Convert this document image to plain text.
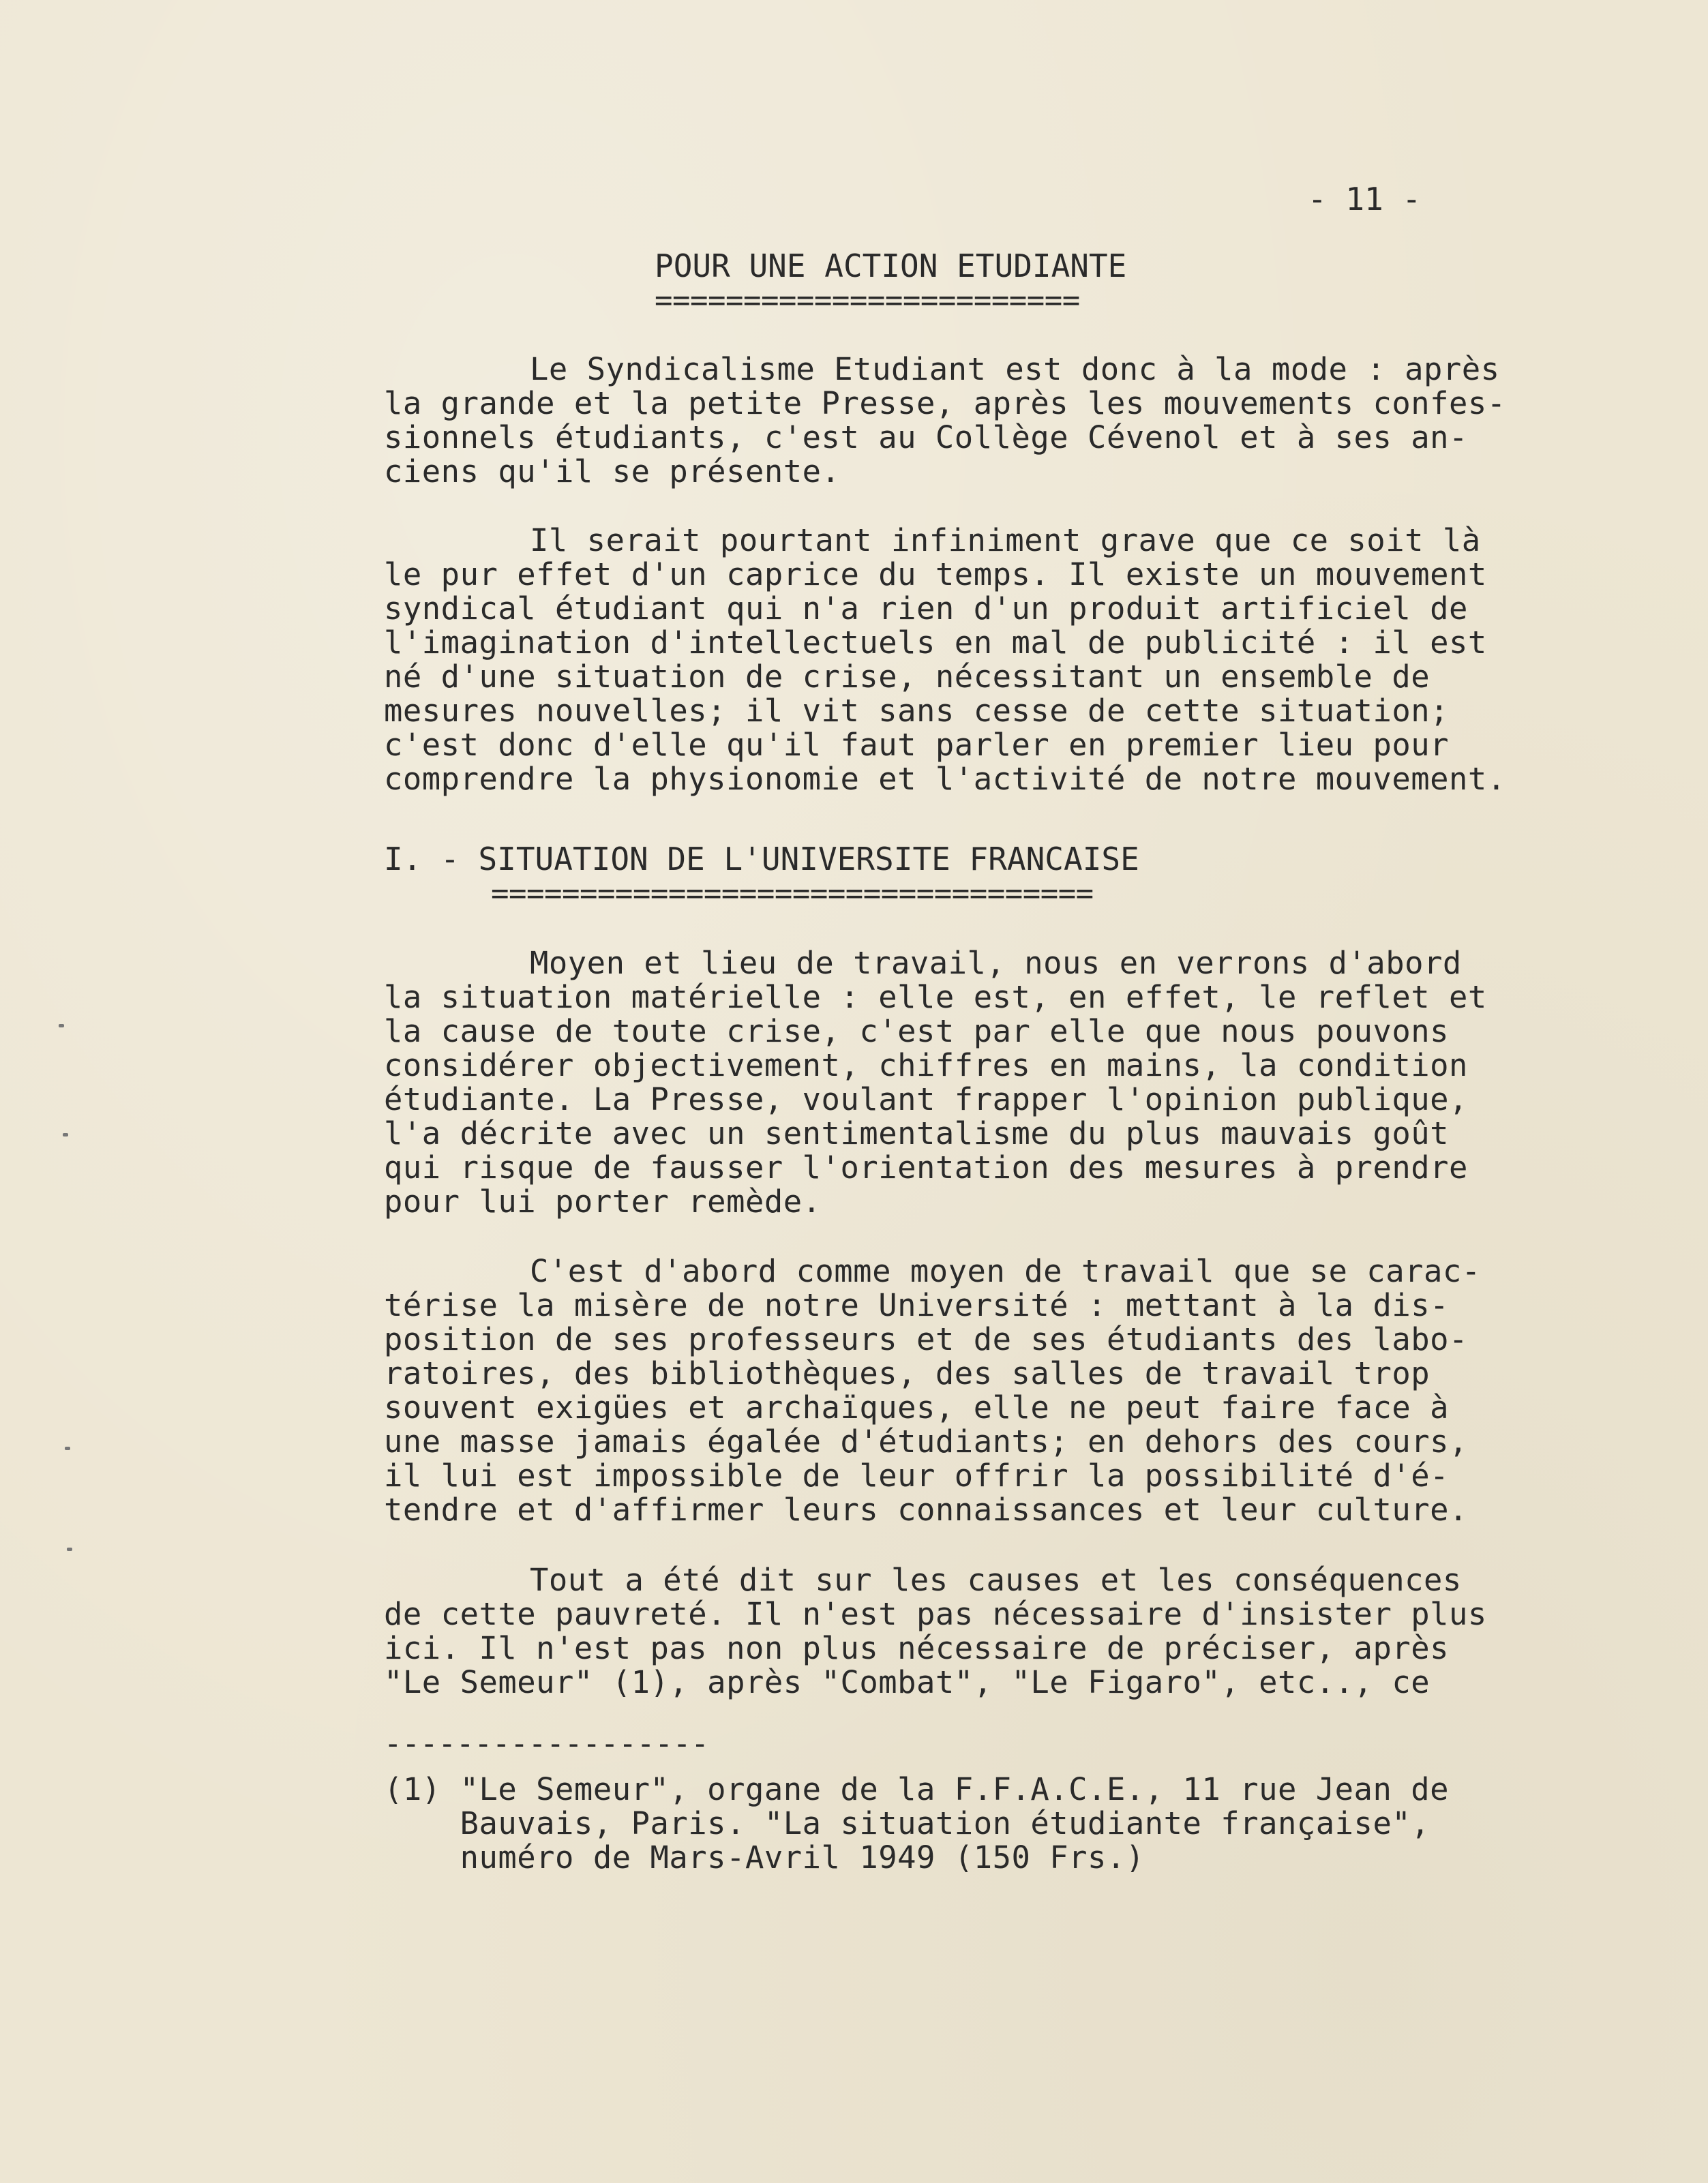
- 11 -
POUR UNE ACTION ETUDIANTE
========================
Le Syndicalisme Etudiant est donc à la mode : après
la grande et la petite Presse, après les mouvements confes-
sionnels étudiants, c'est au Collège Cévenol et à ses an-
ciens qu'il se présente.
Il serait pourtant infiniment grave que ce soit là
le pur effet d'un caprice du temps. Il existe un mouvement
syndical étudiant qui n'a rien d'un produit artificiel de
l'imagination d'intellectuels en mal de publicité : il est
né d'une situation de crise, nécessitant un ensemble de
mesures nouvelles; il vit sans cesse de cette situation;
c'est donc d'elle qu'il faut parler en premier lieu pour
comprendre la physionomie et l'activité de notre mouvement.
I. - SITUATION DE L'UNIVERSITE FRANCAISE
==================================
Moyen et lieu de travail, nous en verrons d'abord
la situation matérielle : elle est, en effet, le reflet et
la cause de toute crise, c'est par elle que nous pouvons
considérer objectivement, chiffres en mains, la condition
étudiante. La Presse, voulant frapper l'opinion publique,
l'a décrite avec un sentimentalisme du plus mauvais goût
qui risque de fausser l'orientation des mesures à prendre
pour lui porter remède.
C'est d'abord comme moyen de travail que se carac-
térise la misère de notre Université : mettant à la dis-
position de ses professeurs et de ses étudiants des labo-
ratoires, des bibliothèques, des salles de travail trop
souvent exigües et archaïques, elle ne peut faire face à
une masse jamais égalée d'étudiants; en dehors des cours,
il lui est impossible de leur offrir la possibilité d'é-
tendre et d'affirmer leurs connaissances et leur culture.
Tout a été dit sur les causes et les conséquences
de cette pauvreté. Il n'est pas nécessaire d'insister plus
ici. Il n'est pas non plus nécessaire de préciser, après
"Le Semeur" (1), après "Combat", "Le Figaro", etc.., ce
------------------
(1) "Le Semeur", organe de la F.F.A.C.E., 11 rue Jean de
Bauvais, Paris. "La situation étudiante française",
numéro de Mars-Avril 1949 (150 Frs.)
